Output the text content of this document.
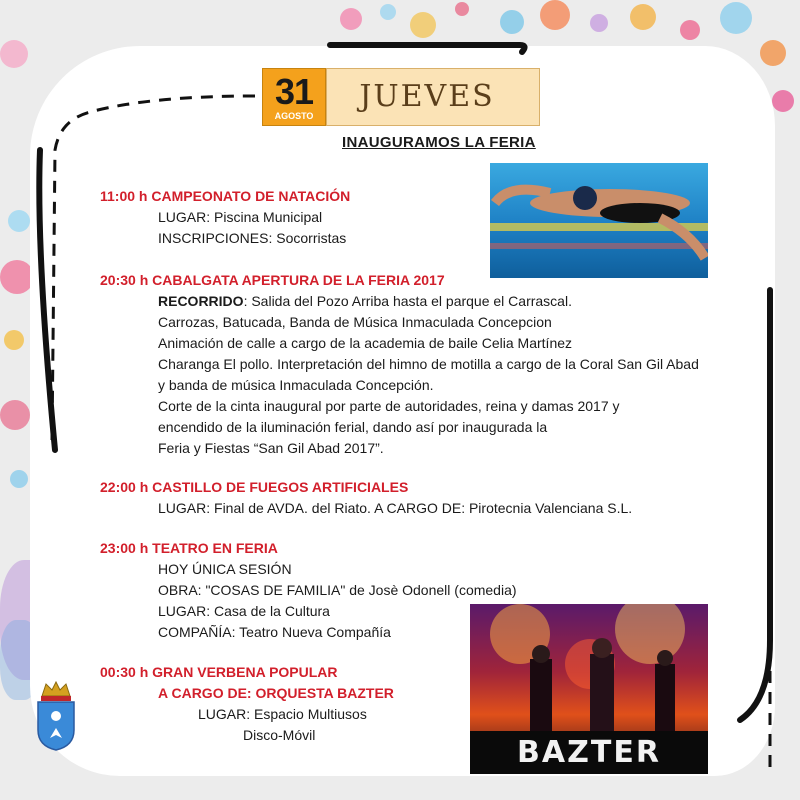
31
AGOSTO
JUEVES
INAUGURAMOS LA FERIA
11:00 h CAMPEONATO DE NATACIÓN
LUGAR: Piscina Municipal
INSCRIPCIONES: Socorristas
20:30 h CABALGATA APERTURA DE LA FERIA 2017
RECORRIDO: Salida del Pozo Arriba hasta el parque el Carrascal.
Carrozas, Batucada, Banda de Música Inmaculada Concepcion
Animación de calle a cargo de la academia de baile Celia Martínez
Charanga El pollo. Interpretación del himno de motilla a cargo de la Coral San Gil Abad
y banda de música Inmaculada Concepción.
Corte de la cinta inaugural por parte de autoridades, reina y damas 2017 y
encendido de la iluminación ferial, dando así por inaugurada la
Feria y Fiestas “San Gil Abad 2017”.
22:00 h CASTILLO DE FUEGOS ARTIFICIALES
LUGAR: Final de AVDA. del Riato. A CARGO DE: Pirotecnia Valenciana S.L.
23:00 h TEATRO EN FERIA
HOY ÚNICA SESIÓN
OBRA: "COSAS DE FAMILIA" de Josè Odonell (comedia)
LUGAR: Casa de la Cultura
COMPAÑÍA: Teatro Nueva Compañía
BAZTER
00:30 h GRAN VERBENA POPULAR
A CARGO DE: ORQUESTA BAZTER
LUGAR: Espacio Multiusos
Disco-Móvil
